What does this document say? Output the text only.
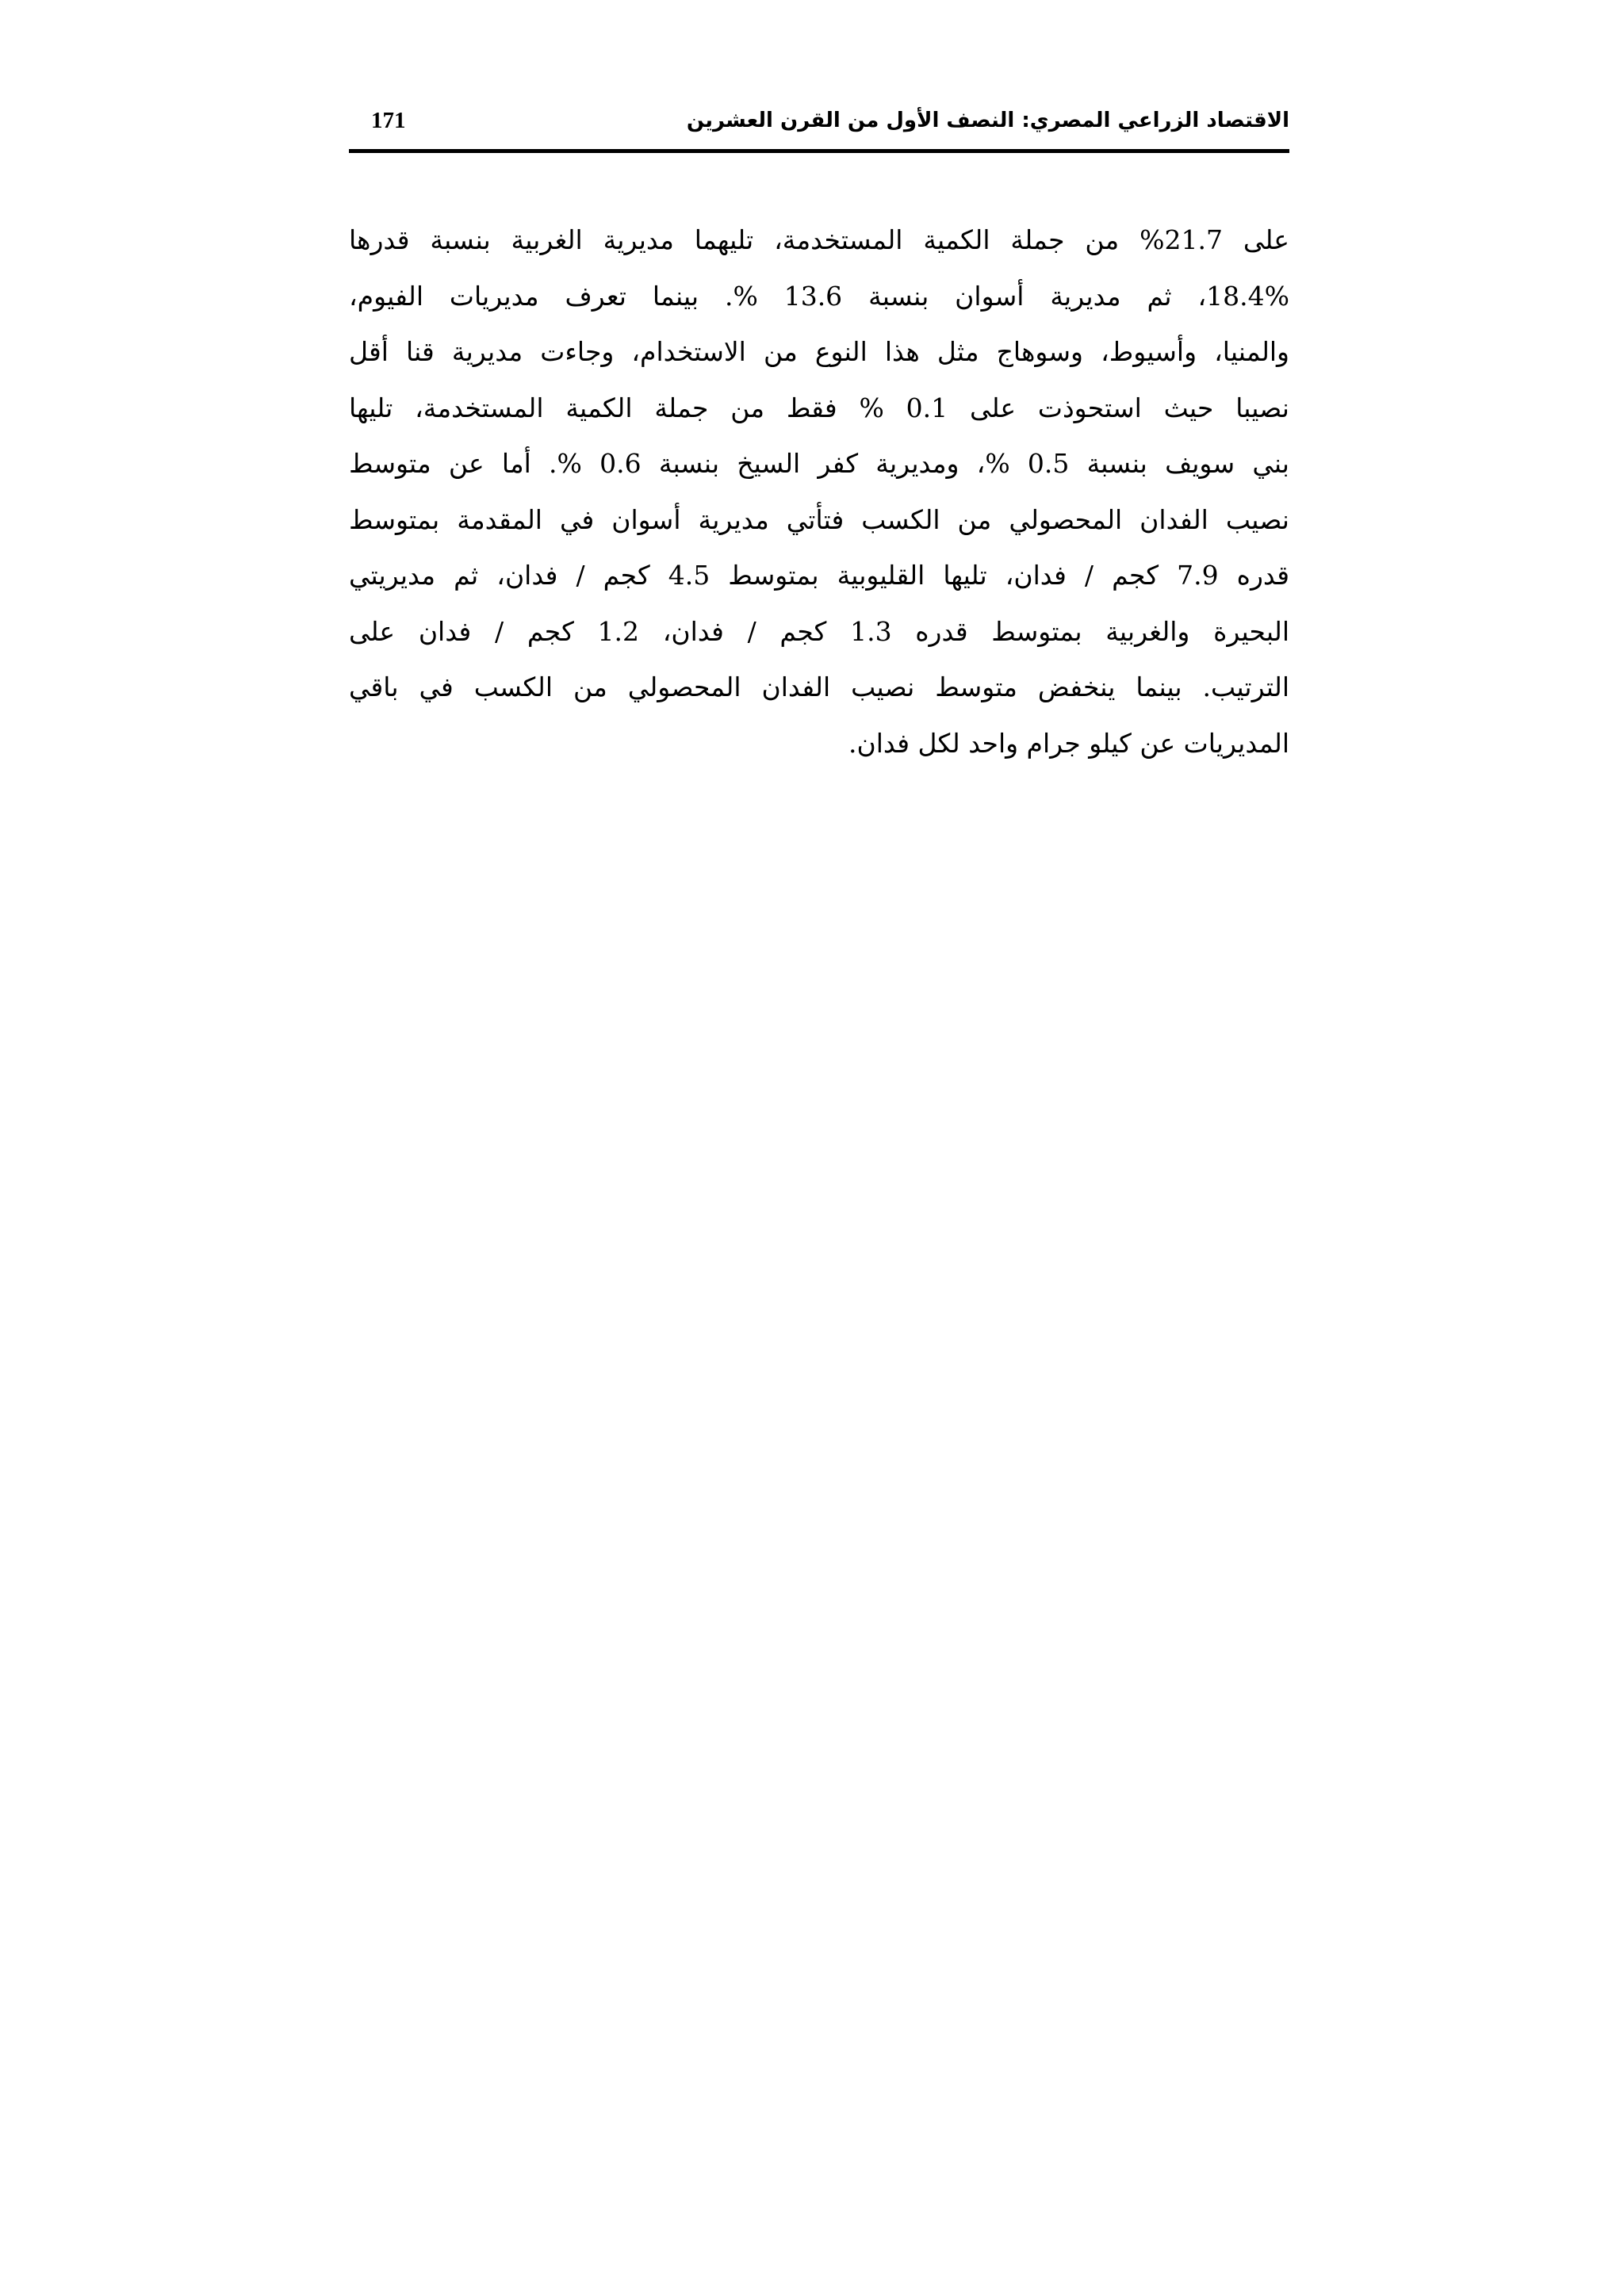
الاقتصاد الزراعي المصري: النصف الأول من القرن العشرين
171
على 21.7% من جملة الكمية المستخدمة، تليهما مديرية الغربية بنسبة قدرها
18.4%، ثم مديرية أسوان بنسبة 13.6 %. بينما تعرف مديريات الفيوم،
والمنيا، وأسيوط، وسوهاج مثل هذا النوع من الاستخدام، وجاءت مديرية قنا أقل
نصيبا حيث استحوذت على 0.1 % فقط من جملة الكمية المستخدمة، تليها
بني سويف بنسبة 0.5 %، ومديرية كفر السيخ بنسبة 0.6 %. أما عن متوسط
نصيب الفدان المحصولي من الكسب فتأتي مديرية أسوان في المقدمة بمتوسط
قدره 7.9 كجم / فدان، تليها القليوبية بمتوسط 4.5 كجم / فدان، ثم مديريتي
البحيرة والغربية بمتوسط قدره 1.3 كجم / فدان، 1.2 كجم / فدان على
الترتيب. بينما ينخفض متوسط نصيب الفدان المحصولي من الكسب في باقي
المديريات عن كيلو جرام واحد لكل فدان.
